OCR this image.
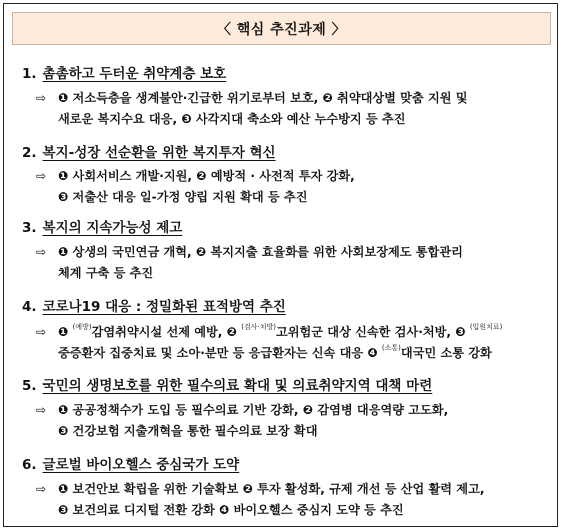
〈 핵심 추진과제 〉
1. 촘촘하고 두터운 취약계층 보호
⇨ ❶ 저소득층을 생계불안·긴급한 위기로부터 보호, ❷ 취약대상별 맞춤 지원 및
새로운 복지수요 대응, ❸ 사각지대 축소와 예산 누수방지 등 추진
2. 복지-성장 선순환을 위한 복지투자 혁신
⇨ ❶ 사회서비스 개발·지원, ❷ 예방적 · 사전적 투자 강화,
❸ 저출산 대응 일-가정 양립 지원 확대 등 추진
3. 복지의 지속가능성 제고
⇨ ❶ 상생의 국민연금 개혁, ❷ 복지지출 효율화를 위한 사회보장제도 통합관리
체계 구축 등 추진
4. 코로나19 대응 : 정밀화된 표적방역 추진
⇨ ❶ $^{(예방)}$감염취약시설 선제 예방, ❷ $^{(검사\cdot 처방)}$고위험군 대상 신속한 검사·처방, ❸ $^{(입원치료)}$
중증환자 집중치료 및 소아·분만 등 응급환자는 신속 대응 ❹ $^{(소통)}$대국민 소통 강화
5. 국민의 생명보호를 위한 필수의료 확대 및 의료취약지역 대책 마련
⇨ ❶ 공공정책수가 도입 등 필수의료 기반 강화, ❷ 감염병 대응역량 고도화,
❸ 건강보험 지출개혁을 통한 필수의료 보장 확대
6. 글로벌 바이오헬스 중심국가 도약
⇨ ❶ 보건안보 확립을 위한 기술확보 ❷ 투자 활성화, 규제 개선 등 산업 활력 제고,
❸ 보건의료 디지털 전환 강화 ❹ 바이오헬스 중심지 도약 등 추진
